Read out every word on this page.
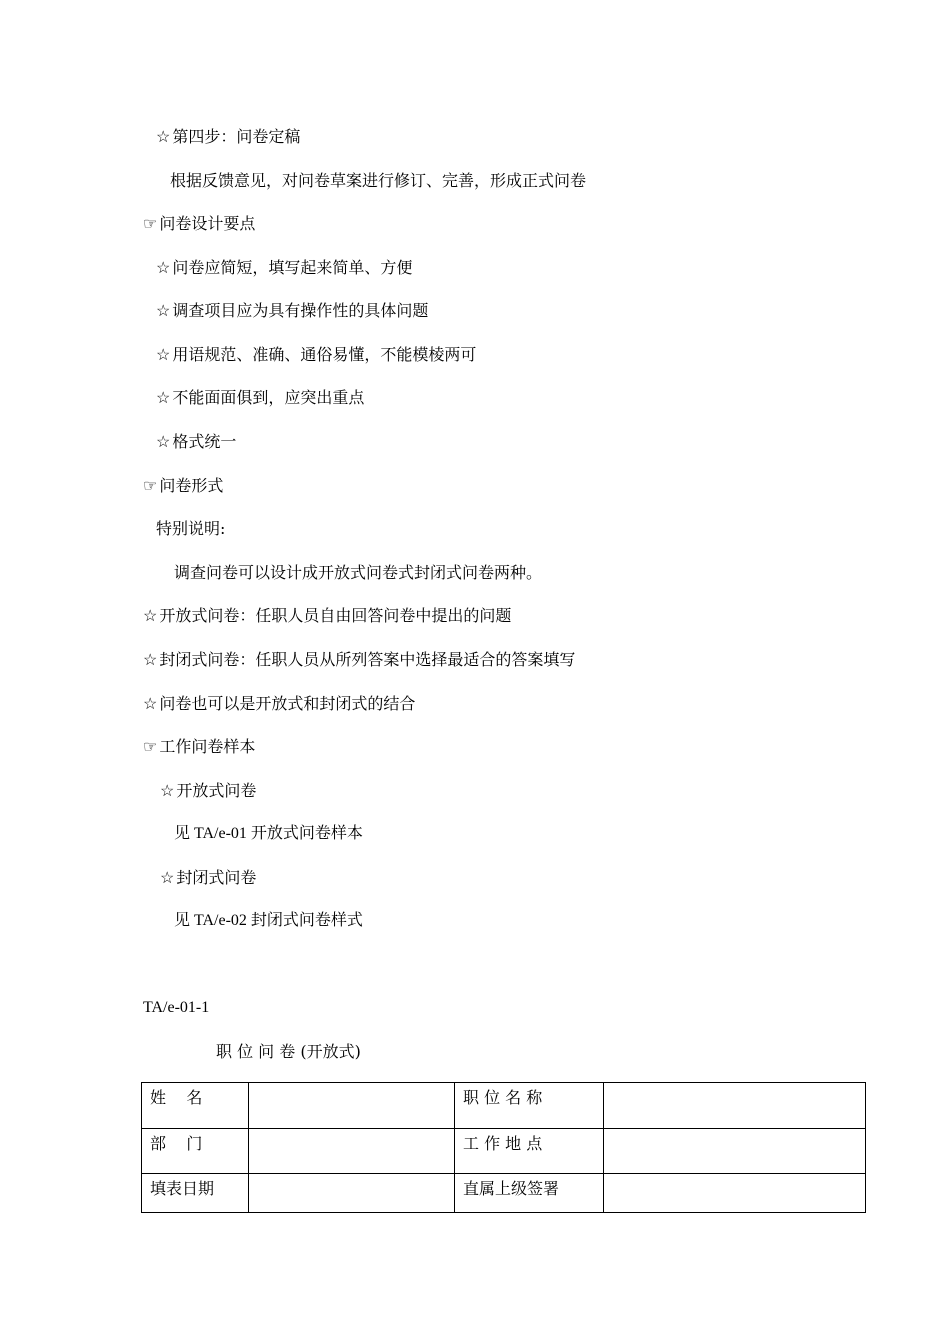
☆ 第四步：问卷定稿
根据反馈意见，对问卷草案进行修订、完善，形成正式问卷
☞ 问卷设计要点
☆ 问卷应简短，填写起来简单、方便
☆ 调查项目应为具有操作性的具体问题
☆ 用语规范、准确、通俗易懂，不能模棱两可
☆ 不能面面俱到，应突出重点
☆ 格式统一
☞ 问卷形式
特别说明:
调查问卷可以设计成开放式问卷式封闭式问卷两种。
☆ 开放式问卷：任职人员自由回答问卷中提出的问题
☆ 封闭式问卷：任职人员从所列答案中选择最适合的答案填写
☆ 问卷也可以是开放式和封闭式的结合
☞ 工作问卷样本
☆ 开放式问卷
见 TA/e-01 开放式问卷样本
☆ 封闭式问卷
见 TA/e-02 封闭式问卷样式
TA/e-01-1
职 位 问 卷 (开放式)
姓    名		职 位 名 称	
部    门		工 作 地 点	
填表日期		直属上级签署	
